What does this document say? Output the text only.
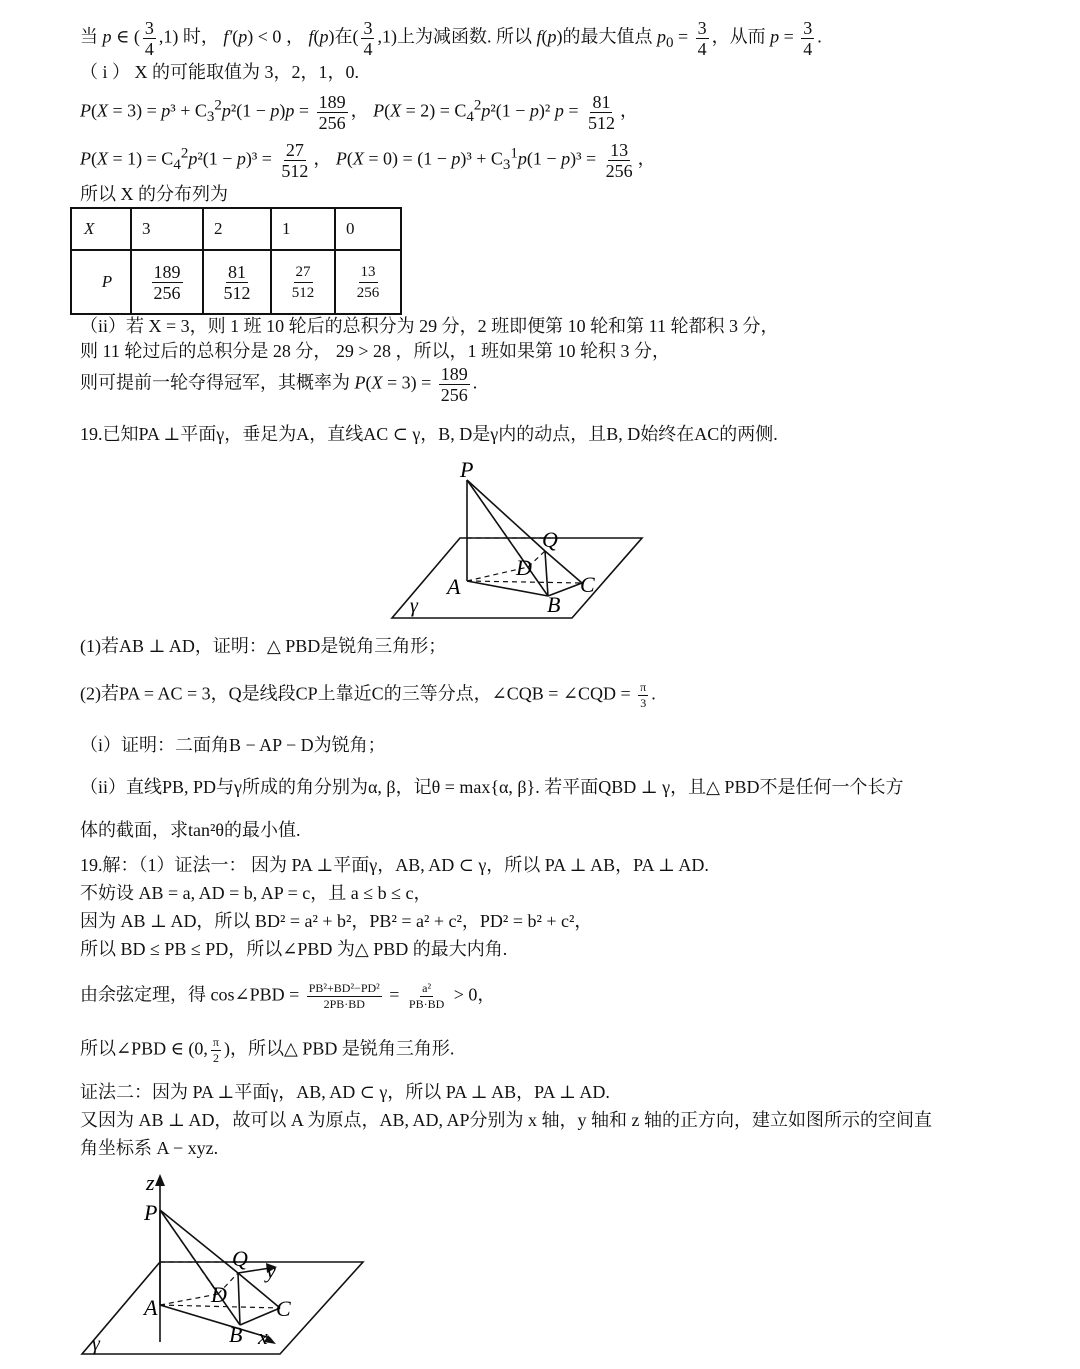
当 p ∈ ( $\frac{3}{4} ,1$) 时， f′(p) < 0 ， f(p)在( $\frac{3}{4} ,1$)上为减函数. 所以 f(p)的最大值点 $p_0 = \frac{3}{4}$ ，从而 $p = \frac{3}{4}$ .
（ i ） X 的可能取值为 3，2，1，0.
$P(X = 3) = p^3 + C_3^2p^2(1 - p)p = \frac{189}{256}$ ， $P(X = 2) = C_4^2p^2(1 - p)^2$ $p = \frac{81}{512}$ ，
$P(X = 1) = C_4^2p^2(1 - p)^3 = \frac{27}{512}$ ， $P(X = 0) = (1 - p)^3 + C_3^1p(1 - p)^3 = \frac{13}{256}$ ，
所以 X 的分布列为
X	3	2	1	0
P	$\frac{189}{256}$	$\frac{81}{512}$	$\frac{27}{512}$	$\frac{13}{256}$
（ii）若 X = 3，则 1 班 10 轮后的总积分为 29 分，2 班即便第 10 轮和第 11 轮都积 3 分，
则 11 轮过后的总积分是 28 分， 29 > 28 ，所以，1 班如果第 10 轮积 3 分，
则可提前一轮夺得冠军，其概率为 $P(X = 3) = \frac{189}{256}$ .
19.已知PA ⊥平面γ，垂足为A，直线AC ⊂ γ，B, D是γ内的动点，且B, D始终在AC的两侧.
P
Q
D
C
A
B
γ
(1)若AB ⊥ AD，证明：△ PBD是锐角三角形；
(2)若PA = AC = 3，Q是线段CP上靠近C的三等分点，∠CQB = ∠CQD = $\frac{\pi}{3}$ .
（i）证明：二面角B − AP − D为锐角；
（ii）直线PB, PD与γ所成的角分别为α, β，记θ = max{α, β}. 若平面QBD ⊥ γ，且△ PBD不是任何一个长方
体的截面，求tan²θ的最小值.
19.解：（1）证法一： 因为 PA ⊥平面γ，AB, AD ⊂ γ，所以 PA ⊥ AB，PA ⊥ AD.
不妨设 AB = a, AD = b, AP = c，且 a ≤ b ≤ c，
因为 AB ⊥ AD，所以 BD² = a² + b²，PB² = a² + c²，PD² = b² + c²，
所以 BD ≤ PB ≤ PD，所以∠PBD 为△ PBD 的最大内角.
由余弦定理，得 cos∠PBD = $\frac{\text{PB²+BD²−PD²}}{2PB\cdot BD} = \frac{\text{a²}}{PB\cdot BD} > 0$，
所以∠PBD ∈ (0, $\frac{\pi}{2}$ )，所以△ PBD 是锐角三角形.
证法二：因为 PA ⊥平面γ，AB, AD ⊂ γ，所以 PA ⊥ AB，PA ⊥ AD.
又因为 AB ⊥ AD，故可以 A 为原点，AB, AD, AP分别为 x 轴，y 轴和 z 轴的正方向，建立如图所示的空间直
角坐标系 A − xyz.
z
P
Q y
D
C
A
B x
γ
